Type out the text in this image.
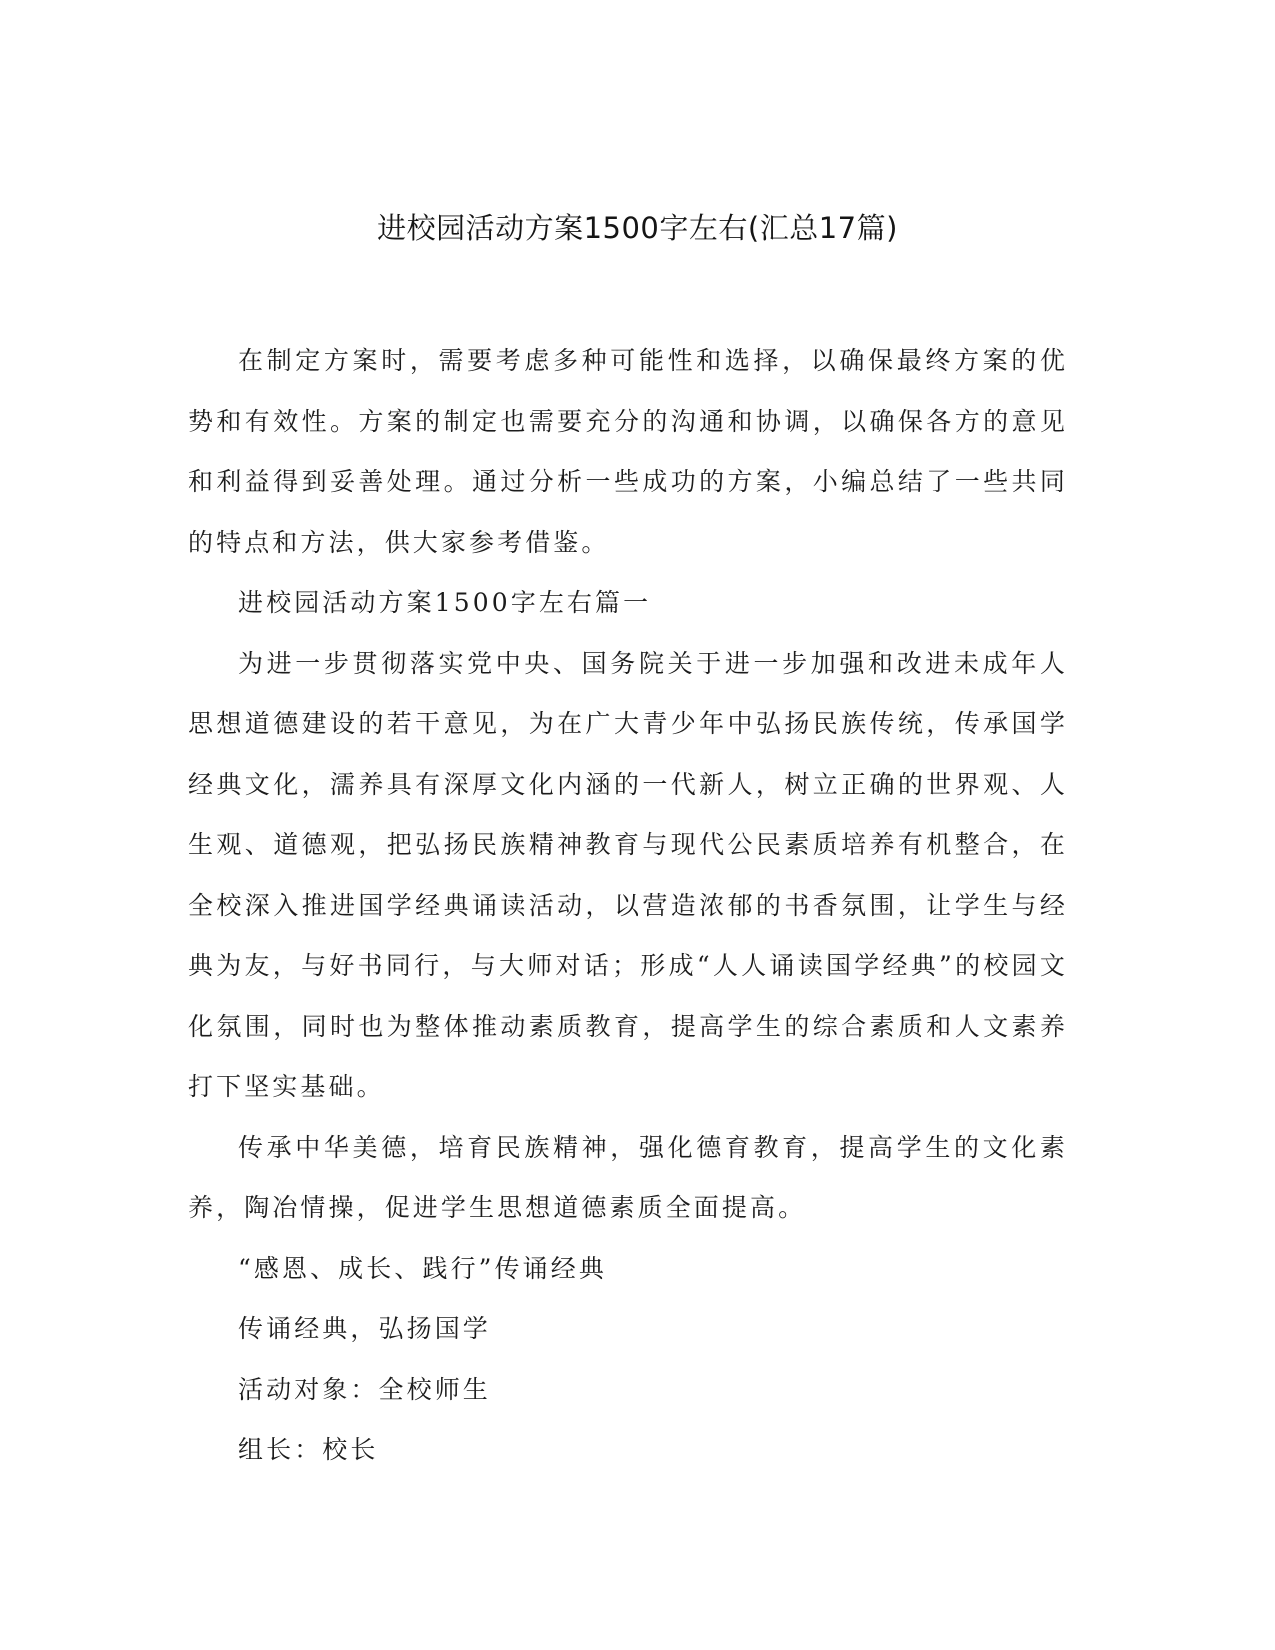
进校园活动方案1500字左右(汇总17篇)

在制定方案时，需要考虑多种可能性和选择，以确保最终方案的优势和有效性。方案的制定也需要充分的沟通和协调，以确保各方的意见和利益得到妥善处理。通过分析一些成功的方案，小编总结了一些共同的特点和方法，供大家参考借鉴。

进校园活动方案1500字左右篇一

为进一步贯彻落实党中央、国务院关于进一步加强和改进未成年人思想道德建设的若干意见，为在广大青少年中弘扬民族传统，传承国学经典文化，濡养具有深厚文化内涵的一代新人，树立正确的世界观、人生观、道德观，把弘扬民族精神教育与现代公民素质培养有机整合，在全校深入推进国学经典诵读活动，以营造浓郁的书香氛围，让学生与经典为友，与好书同行，与大师对话；形成“人人诵读国学经典”的校园文化氛围，同时也为整体推动素质教育，提高学生的综合素质和人文素养打下坚实基础。

传承中华美德，培育民族精神，强化德育教育，提高学生的文化素养，陶冶情操，促进学生思想道德素质全面提高。

“感恩、成长、践行”传诵经典

传诵经典，弘扬国学

活动对象：全校师生

组长：校长
